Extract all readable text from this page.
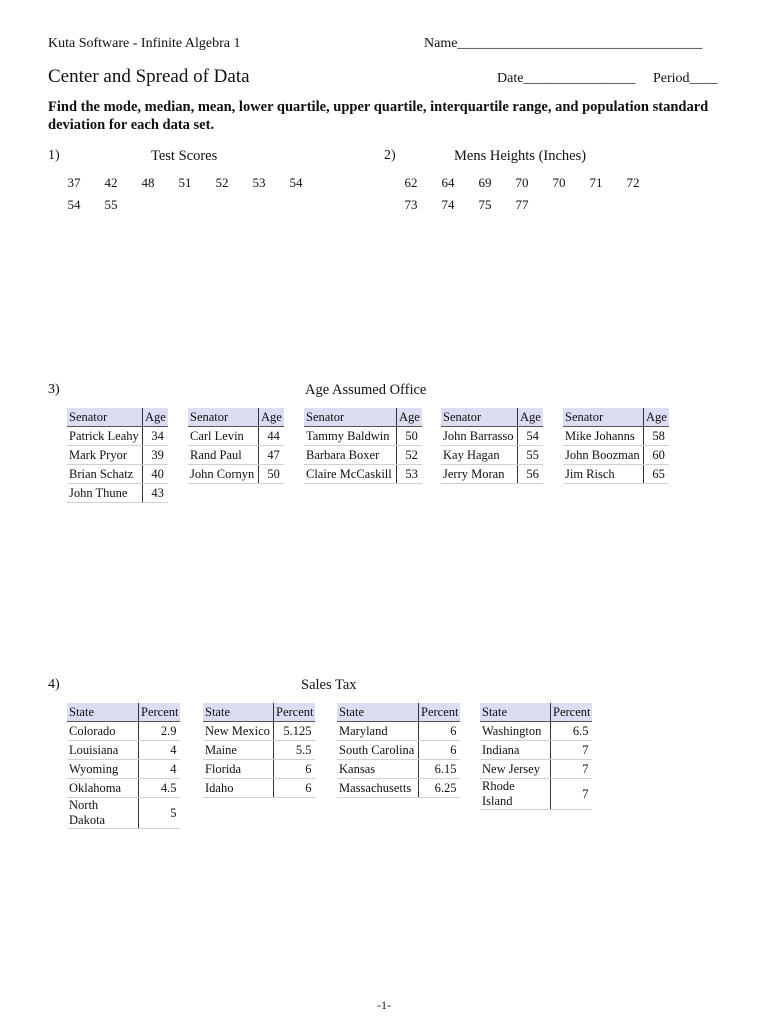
Kuta Software - Infinite Algebra 1	Name___________________________________
Center and Spread of Data	Date________________ Period____
Find the mode, median, mean, lower quartile, upper quartile, interquartile range, and population standard deviation for each data set.
1)	Test Scores
37 42 48 51 52 53 54
54 55
2)	Mens Heights (Inches)
62 64 69 70 70 71 72
73 74 75 77
3)	Age Assumed Office
Senator	Age
Patrick Leahy	34
Mark Pryor	39
Brian Schatz	40
John Thune	43
Senator	Age
Carl Levin	44
Rand Paul	47
John Cornyn	50
Senator	Age
Tammy Baldwin	50
Barbara Boxer	52
Claire McCaskill	53
Senator	Age
John Barrasso	54
Kay Hagan	55
Jerry Moran	56
Senator	Age
Mike Johanns	58
John Boozman	60
Jim Risch	65
4)	Sales Tax
State	Percent
Colorado	2.9
Louisiana	4
Wyoming	4
Oklahoma	4.5
North Dakota	5
State	Percent
New Mexico	5.125
Maine	5.5
Florida	6
Idaho	6
State	Percent
Maryland	6
South Carolina	6
Kansas	6.15
Massachusetts	6.25
State	Percent
Washington	6.5
Indiana	7
New Jersey	7
Rhode Island	7
-1-
